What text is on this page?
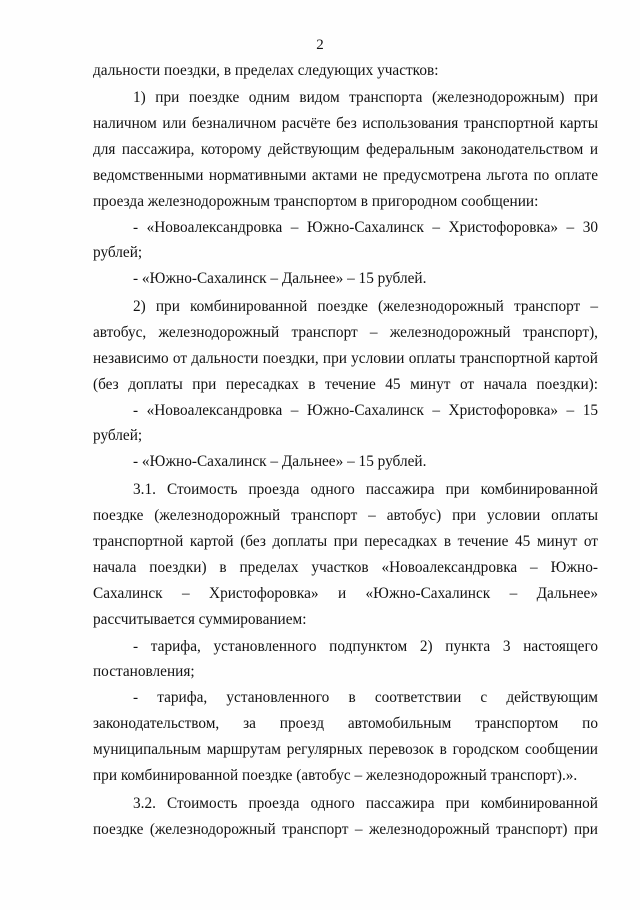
2
дальности поездки, в пределах следующих участков:
1) при поездке одним видом транспорта (железнодорожным) при
наличном или безналичном расчёте без использования транспортной карты
для пассажира, которому действующим федеральным законодательством и
ведомственными нормативными актами не предусмотрена льгота по оплате
проезда железнодорожным транспортом в пригородном сообщении:
- «Новоалександровка – Южно-Сахалинск – Христофоровка» – 30
рублей;
- «Южно-Сахалинск – Дальнее» – 15 рублей.
2) при комбинированной поездке (железнодорожный транспорт –
автобус, железнодорожный транспорт – железнодорожный транспорт),
независимо от дальности поездки, при условии оплаты транспортной картой
(без доплаты при пересадках в течение 45 минут от начала поездки):
- «Новоалександровка – Южно-Сахалинск – Христофоровка» – 15
рублей;
- «Южно-Сахалинск – Дальнее» – 15 рублей.
3.1. Стоимость проезда одного пассажира при комбинированной
поездке (железнодорожный транспорт – автобус) при условии оплаты
транспортной картой (без доплаты при пересадках в течение 45 минут от
начала поездки) в пределах участков «Новоалександровка – Южно-
Сахалинск – Христофоровка» и «Южно-Сахалинск – Дальнее»
рассчитывается суммированием:
- тарифа, установленного подпунктом 2) пункта 3 настоящего
постановления;
- тарифа, установленного в соответствии с действующим
законодательством, за проезд автомобильным транспортом по
муниципальным маршрутам регулярных перевозок в городском сообщении
при комбинированной поездке (автобус – железнодорожный транспорт).».
3.2. Стоимость проезда одного пассажира при комбинированной
поездке (железнодорожный транспорт – железнодорожный транспорт) при
